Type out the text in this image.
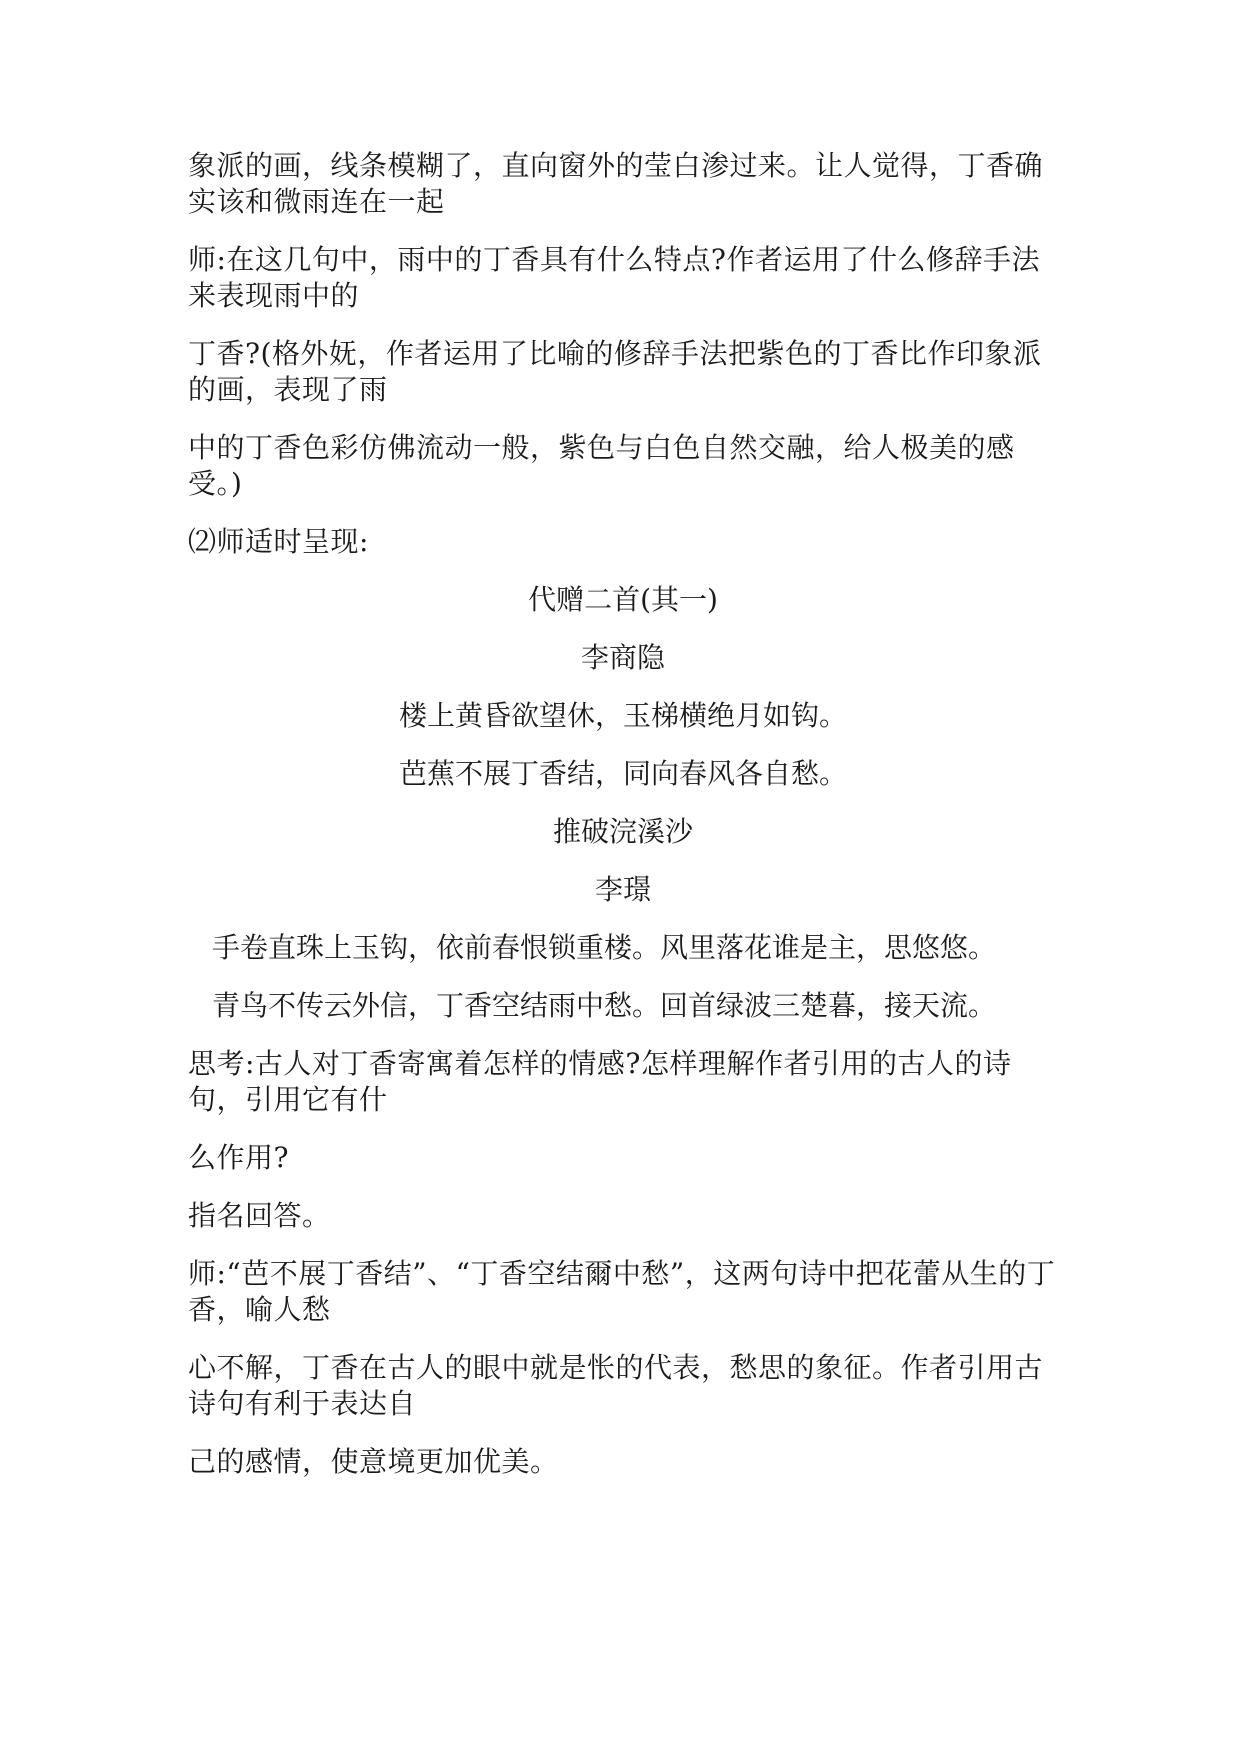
象派的画，线条模糊了，直向窗外的莹白渗过来。让人觉得，丁香确实该和微雨连在一起

师:在这几句中，雨中的丁香具有什么特点?作者运用了什么修辞手法来表现雨中的

丁香?(格外妩，作者运用了比喻的修辞手法把紫色的丁香比作印象派的画，表现了雨

中的丁香色彩仿佛流动一般，紫色与白色自然交融，给人极美的感受。)

⑵师适时呈现:

代赠二首(其一)

李商隐

楼上黄昏欲望休，玉梯横绝月如钩。

芭蕉不展丁香结，同向春风各自愁。

推破浣溪沙

李璟

手卷直珠上玉钩，依前春恨锁重楼。风里落花谁是主，思悠悠。

青鸟不传云外信，丁香空结雨中愁。回首绿波三楚暮，接天流。

思考:古人对丁香寄寓着怎样的情感?怎样理解作者引用的古人的诗句，引用它有什

么作用?

指名回答。

师:“芭不展丁香结”、“丁香空结爾中愁”，这两句诗中把花蕾从生的丁香，喻人愁

心不解，丁香在古人的眼中就是怅的代表，愁思的象征。作者引用古诗句有利于表达自

己的感情，使意境更加优美。
